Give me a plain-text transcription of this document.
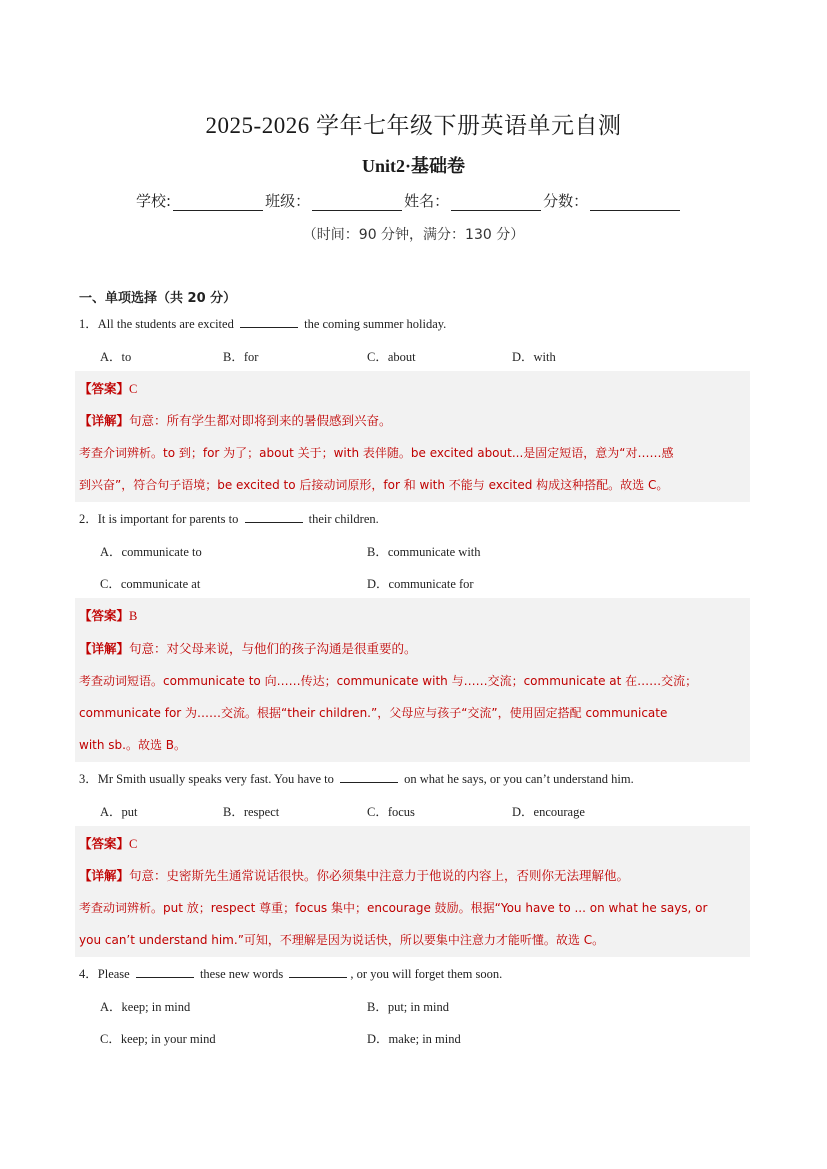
2025-2026 学年七年级下册英语单元自测
Unit2·基础卷
学校:	班级：	姓名：	分数：
（时间：90 分钟，满分：130 分）
一、单项选择（共 20 分）
1．All the students are excited	the coming summer holiday.
A．to	B．for	C．about	D．with
【答案】C
【详解】句意：所有学生都对即将到来的暑假感到兴奋。
考查介词辨析。to 到；for 为了；about 关于；with 表伴随。be excited about...是固定短语，意为“对……感
到兴奋”，符合句子语境；be excited to 后接动词原形，for 和 with 不能与 excited 构成这种搭配。故选 C。
2．It is important for parents to	their children.
A．communicate to	B．communicate with
C．communicate at	D．communicate for
【答案】B
【详解】句意：对父母来说，与他们的孩子沟通是很重要的。
考查动词短语。communicate to 向……传达；communicate with 与……交流；communicate at 在……交流；
communicate for 为……交流。根据“their children.”，父母应与孩子“交流”，使用固定搭配 communicate
with sb.。故选 B。
3．Mr Smith usually speaks very fast. You have to	on what he says, or you can’t understand him.
A．put	B．respect	C．focus	D．encourage
【答案】C
【详解】句意：史密斯先生通常说话很快。你必须集中注意力于他说的内容上，否则你无法理解他。
考查动词辨析。put 放；respect 尊重；focus 集中；encourage 鼓励。根据“You have to ... on what he says, or
you can’t understand him.”可知，不理解是因为说话快，所以要集中注意力才能听懂。故选 C。
4．Please	these new words	, or you will forget them soon.
A．keep; in mind	B．put; in mind
C．keep; in your mind	D．make; in mind
